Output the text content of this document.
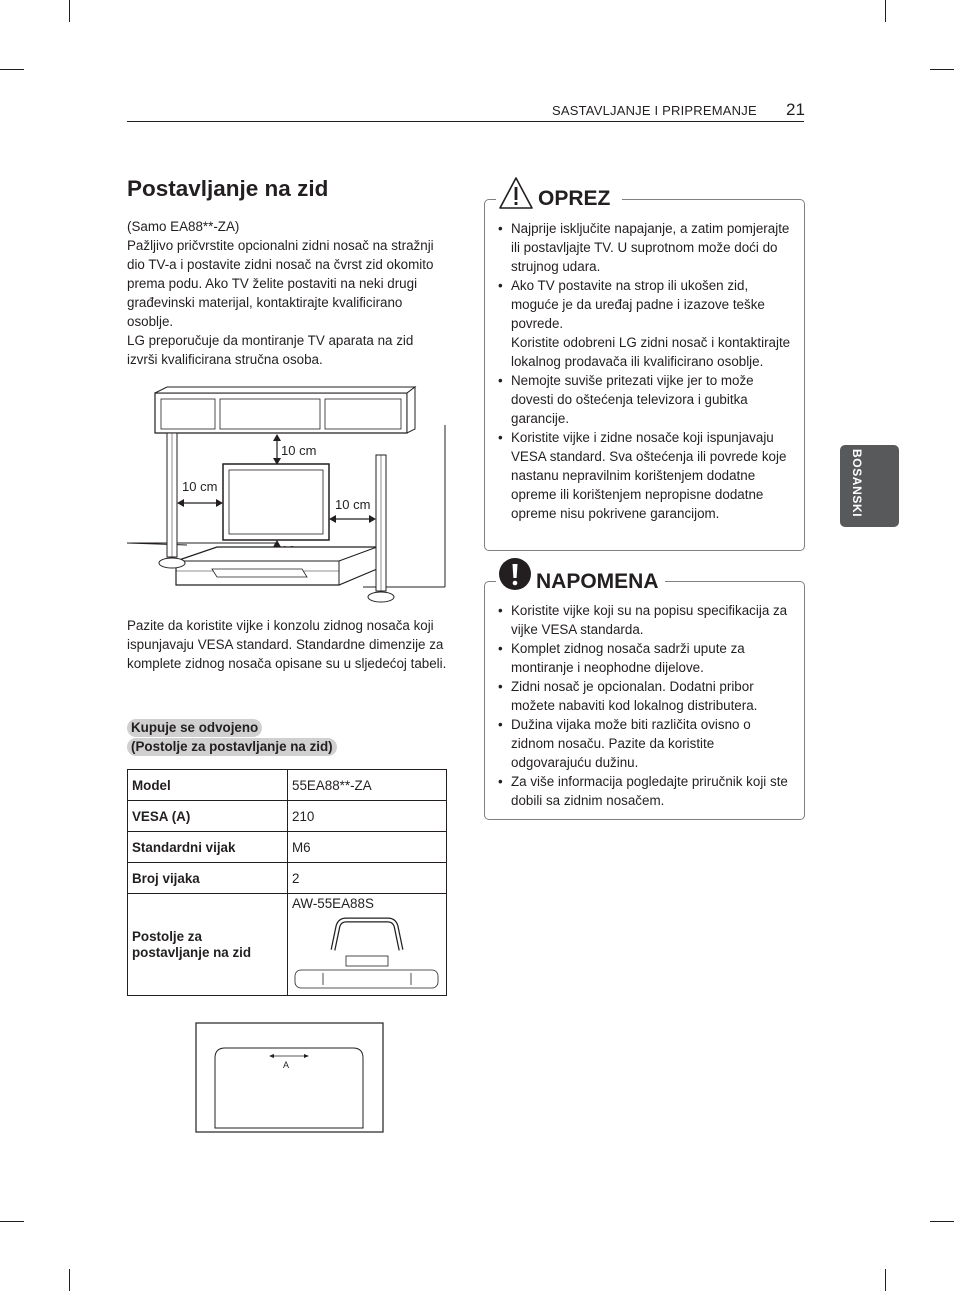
SASTAVLJANJE I PRIPREMANJE 21
BOSANSKI
Postavljanje na zid

(Samo EA88**-ZA)

Pažljivo pričvrstite opcionalni zidni nosač na stražnji dio TV-a i postavite zidni nosač na čvrst zid okomito prema podu. Ako TV želite postaviti na neki drugi građevinski materijal, kontaktirajte kvalificirano osoblje.

LG preporučuje da montiranje TV aparata na zid izvrši kvalificirana stručna osoba.

10 cm
10 cm
10 cm
Pazite da koristite vijke i konzolu zidnog nosača koji ispunjavaju VESA standard. Standardne dimenzije za komplete zidnog nosača opisane su u sljedećoj tabeli.
Kupuje se odvojeno
(Postolje za postavljanje na zid)
Model	55EA88**-ZA
VESA (A)	210
Standardni vijak	M6
Broj vijaka	2
Postolje za postavljanje na zid	AW-55EA88S
A
• Najprije isključite napajanje, a zatim pomjerajte ili postavljajte TV. U suprotnom može doći do strujnog udara.
• Ako TV postavite na strop ili ukošen zid, moguće je da uređaj padne i izazove teške povrede.
Koristite odobreni LG zidni nosač i kontaktirajte lokalnog prodavača ili kvalificirano osoblje.
• Nemojte suviše pritezati vijke jer to može dovesti do oštećenja televizora i gubitka garancije.
• Koristite vijke i zidne nosače koji ispunjavaju VESA standard. Sva oštećenja ili povrede koje nastanu nepravilnim korištenjem dodatne opreme ili korištenjem nepropisne dodatne opreme nisu pokrivene garancijom.
OPREZ
• Koristite vijke koji su na popisu specifikacija za vijke VESA standarda.
• Komplet zidnog nosača sadrži upute za montiranje i neophodne dijelove.
• Zidni nosač je opcionalan. Dodatni pribor možete nabaviti kod lokalnog distributera.
• Dužina vijaka može biti različita ovisno o zidnom nosaču. Pazite da koristite odgovarajuću dužinu.
• Za više informacija pogledajte priručnik koji ste dobili sa zidnim nosačem.
NAPOMENA
